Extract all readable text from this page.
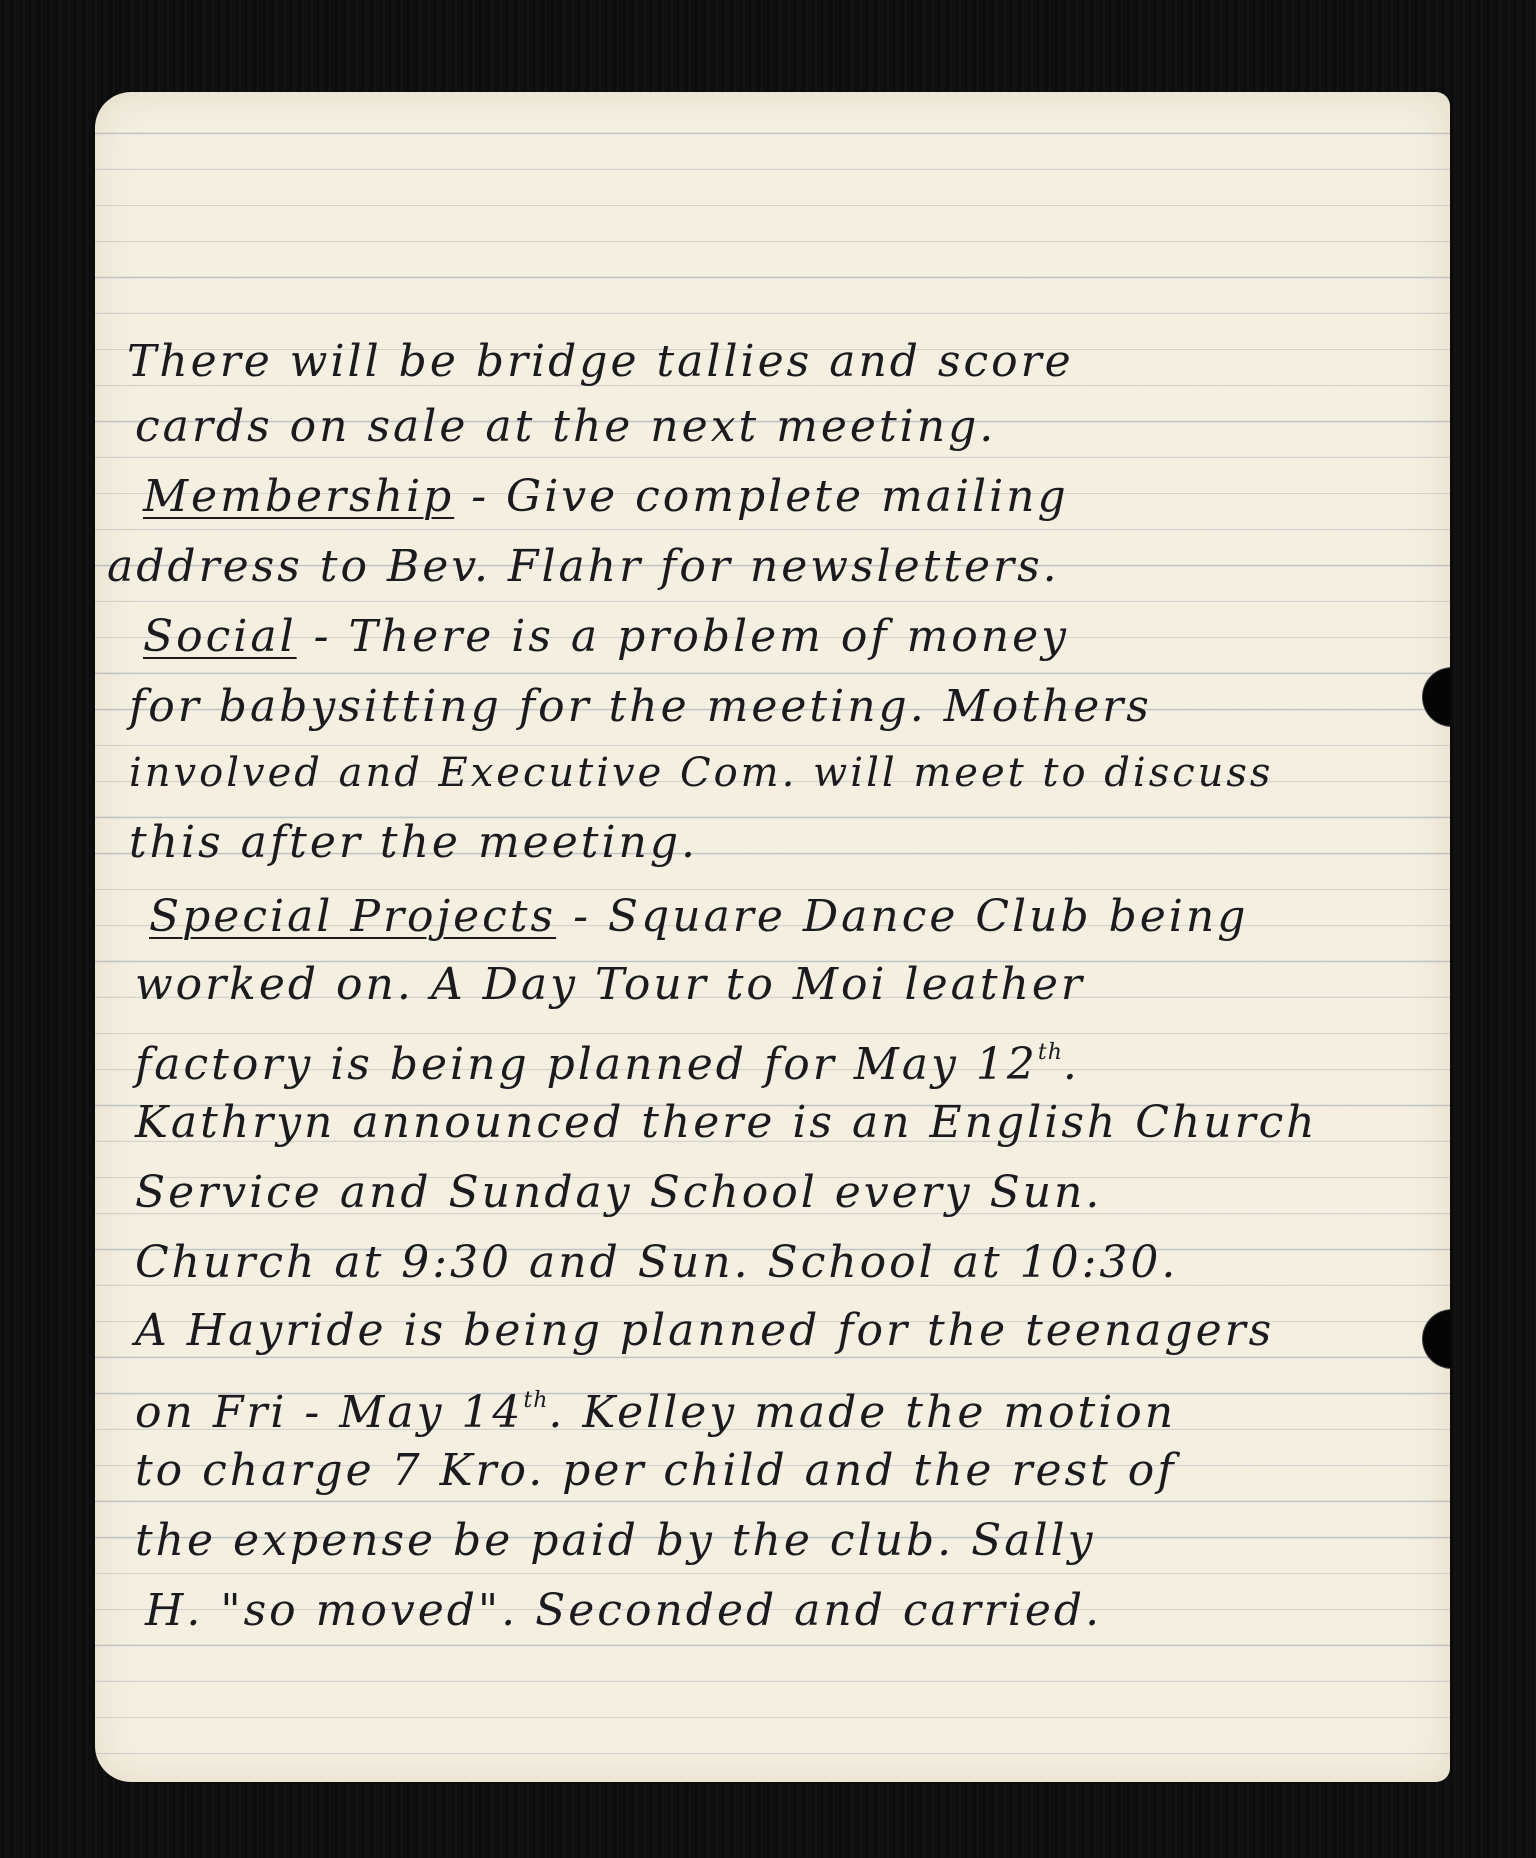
There will be bridge tallies and score

cards on sale at the next meeting.

Membership - Give complete mailing

address to Bev. Flahr for newsletters.

Social - There is a problem of money

for babysitting for the meeting. Mothers

involved and Executive Com. will meet to discuss

this after the meeting.

Special Projects - Square Dance Club being

worked on. A Day Tour to Moi leather

factory is being planned for May 12th.

Kathryn announced there is an English Church

Service and Sunday School every Sun.

Church at 9:30 and Sun. School at 10:30.

A Hayride is being planned for the teenagers

on Fri - May 14th. Kelley made the motion

to charge 7 Kro. per child and the rest of

the expense be paid by the club. Sally

H. "so moved". Seconded and carried.
